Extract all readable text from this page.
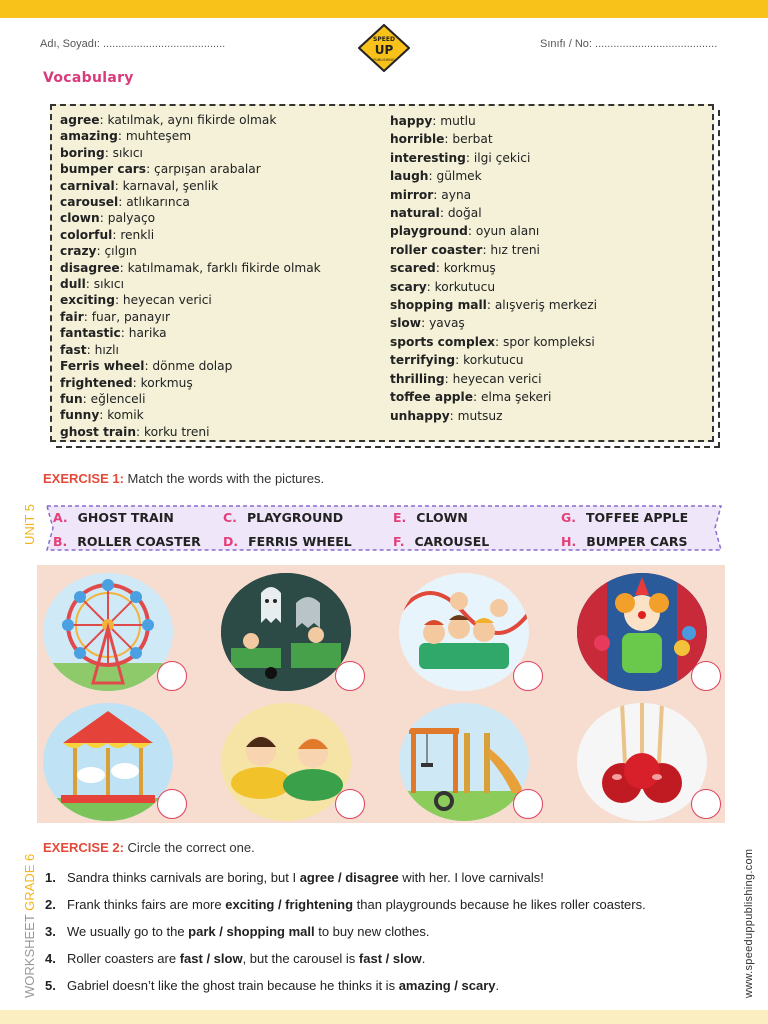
Adı, Soyadı: ........................................	Sınıfı / No: ........................................
SPEED
UP
PUBLISHING
Vocabulary
agree: katılmak, aynı fikirde olmak
amazing: muhteşem
boring: sıkıcı
bumper cars: çarpışan arabalar
carnival: karnaval, şenlik
carousel: atlıkarınca
clown: palyaço
colorful: renkli
crazy: çılgın
disagree: katılmamak, farklı fikirde olmak
dull: sıkıcı
exciting: heyecan verici
fair: fuar, panayır
fantastic: harika
fast: hızlı
Ferris wheel: dönme dolap
frightened: korkmuş
fun: eğlenceli
funny: komik
ghost train: korku treni
happy: mutlu
horrible: berbat
interesting: ilgi çekici
laugh: gülmek
mirror: ayna
natural: doğal
playground: oyun alanı
roller coaster: hız treni
scared: korkmuş
scary: korkutucu
shopping mall: alışveriş merkezi
slow: yavaş
sports complex: spor kompleksi
terrifying: korkutucu
thrilling: heyecan verici
toffee apple: elma şekeri
unhappy: mutsuz
EXERCISE 1: Match the words with the pictures.
UNIT 5 A. GHOST TRAIN
B. ROLLER COASTER
C. PLAYGROUND
D. FERRIS WHEEL
E. CLOWN
F. CAROUSEL
G. TOFFEE APPLE
H. BUMPER CARS
EXERCISE 2: Circle the correct one.
WORKSHEET GRADE 6 1. Sandra thinks carnivals are boring, but I agree / disagree with her. I love carnivals!
2. Frank thinks fairs are more exciting / frightening than playgrounds because he likes roller coasters.
3. We usually go to the park / shopping mall to buy new clothes.
4. Roller coasters are fast / slow, but the carousel is fast / slow.
5. Gabriel doesn’t like the ghost train because he thinks it is amazing / scary.	www.speeduppublishing.com
